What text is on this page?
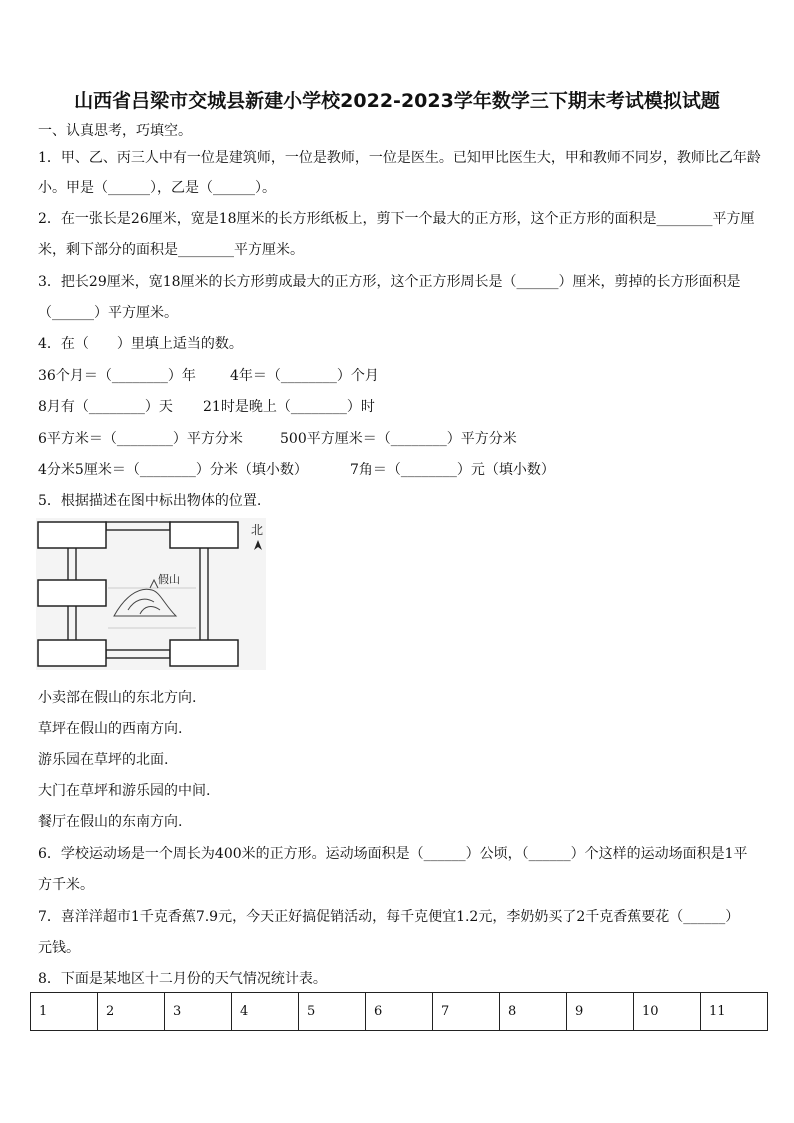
山西省吕梁市交城县新建小学校2022-2023学年数学三下期末考试模拟试题
一、认真思考，巧填空。
1．甲、乙、丙三人中有一位是建筑师，一位是教师，一位是医生。已知甲比医生大，甲和教师不同岁，教师比乙年龄
小。甲是（______），乙是（______）。
2．在一张长是26厘米，宽是18厘米的长方形纸板上，剪下一个最大的正方形，这个正方形的面积是________平方厘
米，剩下部分的面积是________平方厘米。
3．把长29厘米，宽18厘米的长方形剪成最大的正方形，这个正方形周长是（______）厘米，剪掉的长方形面积是
（______）平方厘米。
4．在（　　）里填上适当的数。
36个月＝（________）年 4年＝（________）个月
8月有（________）天 21时是晚上（________）时
6平方米＝（________）平方分米	500平方厘米＝（________）平方分米
4分米5厘米＝（________）分米（填小数）	7角＝（________）元（填小数）
5．根据描述在图中标出物体的位置.
假山
北
小卖部在假山的东北方向.
草坪在假山的西南方向.
游乐园在草坪的北面.
大门在草坪和游乐园的中间.
餐厅在假山的东南方向.
6．学校运动场是一个周长为400米的正方形。运动场面积是（______）公顷，（______）个这样的运动场面积是1平
方千米。
7．喜洋洋超市1千克香蕉7.9元，今天正好搞促销活动，每千克便宜1.2元，李奶奶买了2千克香蕉要花（______）
元钱。
8．下面是某地区十二月份的天气情况统计表。
1	2	3	4	5	6	7	8	9	10	11
